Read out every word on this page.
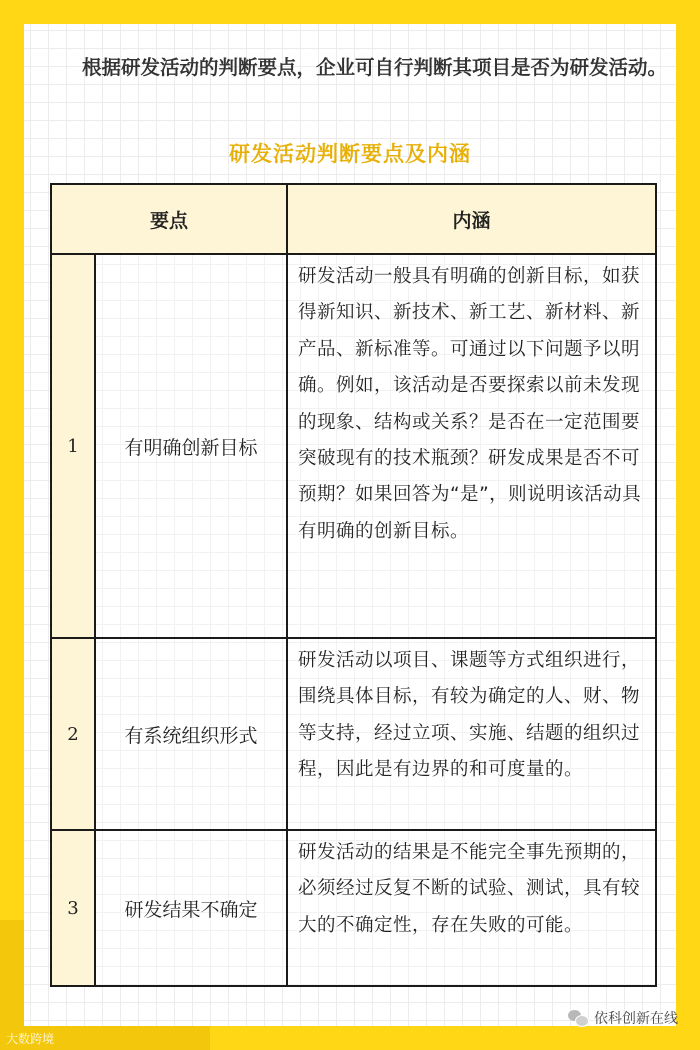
根据研发活动的判断要点，企业可自行判断其项目是否为研发活动。
研发活动判断要点及内涵
要点		内涵
1	有明确创新目标	研发活动一般具有明确的创新目标，如获得新知识、新技术、新工艺、新材料、新产品、新标准等。可通过以下问题予以明确。例如，该活动是否要探索以前未发现的现象、结构或关系？是否在一定范围要突破现有的技术瓶颈？研发成果是否不可预期？如果回答为“是”，则说明该活动具有明确的创新目标。
2	有系统组织形式	研发活动以项目、课题等方式组织进行，围绕具体目标，有较为确定的人、财、物等支持，经过立项、实施、结题的组织过程，因此是有边界的和可度量的。
3	研发结果不确定	研发活动的结果是不能完全事先预期的，必须经过反复不断的试验、测试，具有较大的不确定性，存在失败的可能。
大数跨境
依科创新在线
